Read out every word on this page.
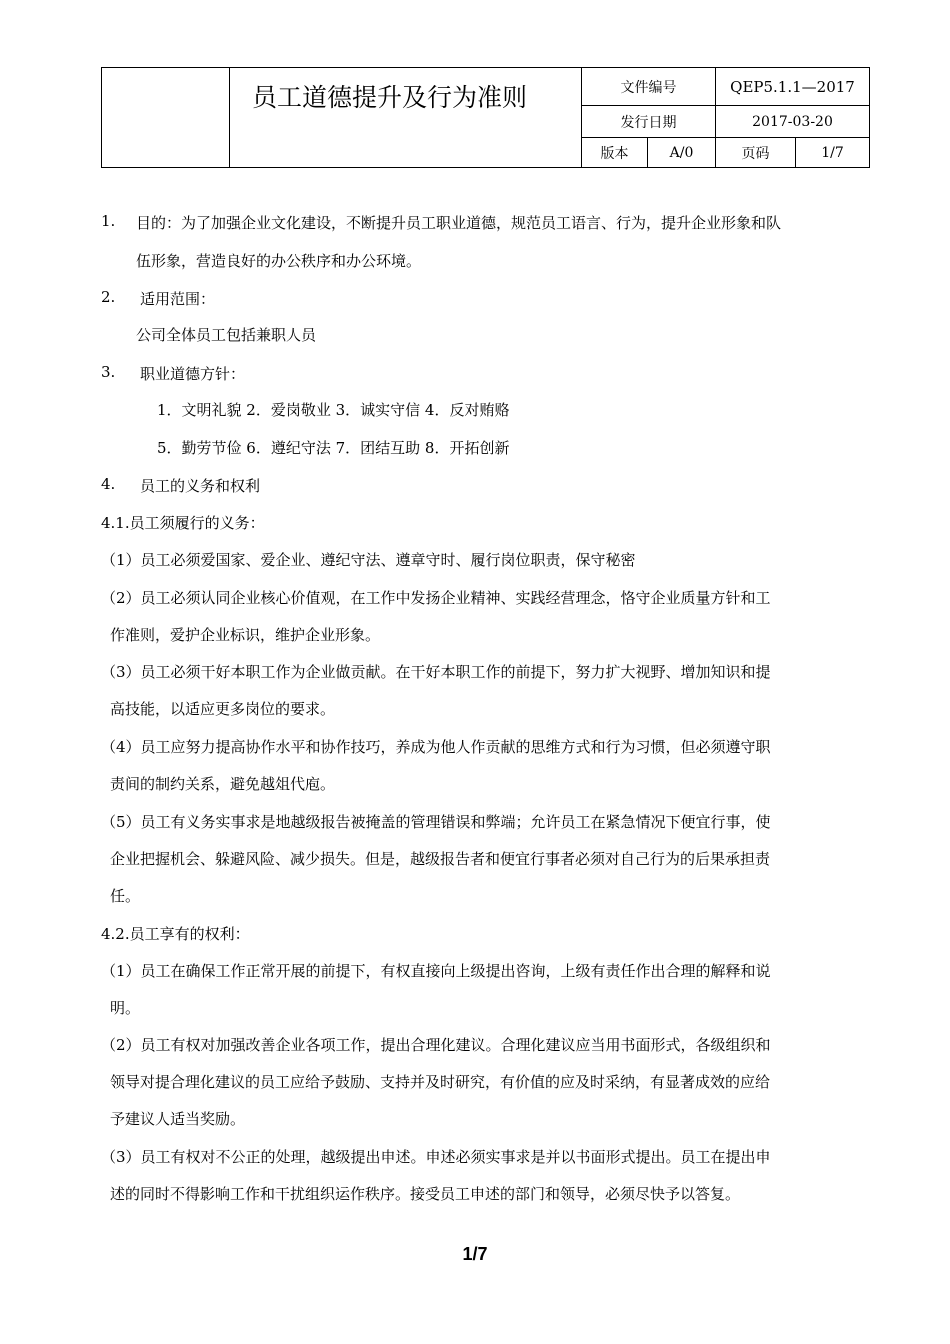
	员⼯道德提升及行为准则	文件编号		QEP5.1.1—2017	
		发行日期		2017-03-20	
		版本	A/0	页码	1/7
1. 目的：为了加强企业文化建设，不断提升员工职业道德，规范员工语言、行为，提升企业形象和队
伍形象，营造良好的办公秩序和办公环境。
2. 适用范围：
公司全体员工包括兼职人员
3. 职业道德方针：
1．文明礼貌 2．爱岗敬业 3．诚实守信 4．反对贿赂
5．勤劳节俭 6．遵纪守法 7．团结互助 8．开拓创新
4. 员工的义务和权利
4.1.员工须履行的义务：
（1）员工必须爱国家、爱企业、遵纪守法、遵章守时、履行岗位职责，保守秘密
（2）员工必须认同企业核心价值观，在工作中发扬企业精神、实践经营理念，恪守企业质量方针和工
作准则，爱护企业标识，维护企业形象。
（3）员工必须干好本职工作为企业做贡献。在干好本职工作的前提下，努力扩大视野、增加知识和提
高技能，以适应更多岗位的要求。
（4）员工应努力提高协作水平和协作技巧，养成为他人作贡献的思维方式和行为习惯，但必须遵守职
责间的制约关系，避免越俎代庖。
（5）员工有义务实事求是地越级报告被掩盖的管理错误和弊端；允许员工在紧急情况下便宜行事，使
企业把握机会、躲避风险、减少损失。但是，越级报告者和便宜行事者必须对自己行为的后果承担责
任。
4.2.员工享有的权利：
（1）员工在确保工作正常开展的前提下，有权直接向上级提出咨询，上级有责任作出合理的解释和说
明。
（2）员工有权对加强改善企业各项工作，提出合理化建议。合理化建议应当用书面形式，各级组织和
领导对提合理化建议的员工应给予鼓励、支持并及时研究，有价值的应及时采纳，有显著成效的应给
予建议人适当奖励。
（3）员工有权对不公正的处理，越级提出申述。申述必须实事求是并以书面形式提出。员工在提出申
述的同时不得影响工作和干扰组织运作秩序。接受员工申述的部门和领导，必须尽快予以答复。
1/7
